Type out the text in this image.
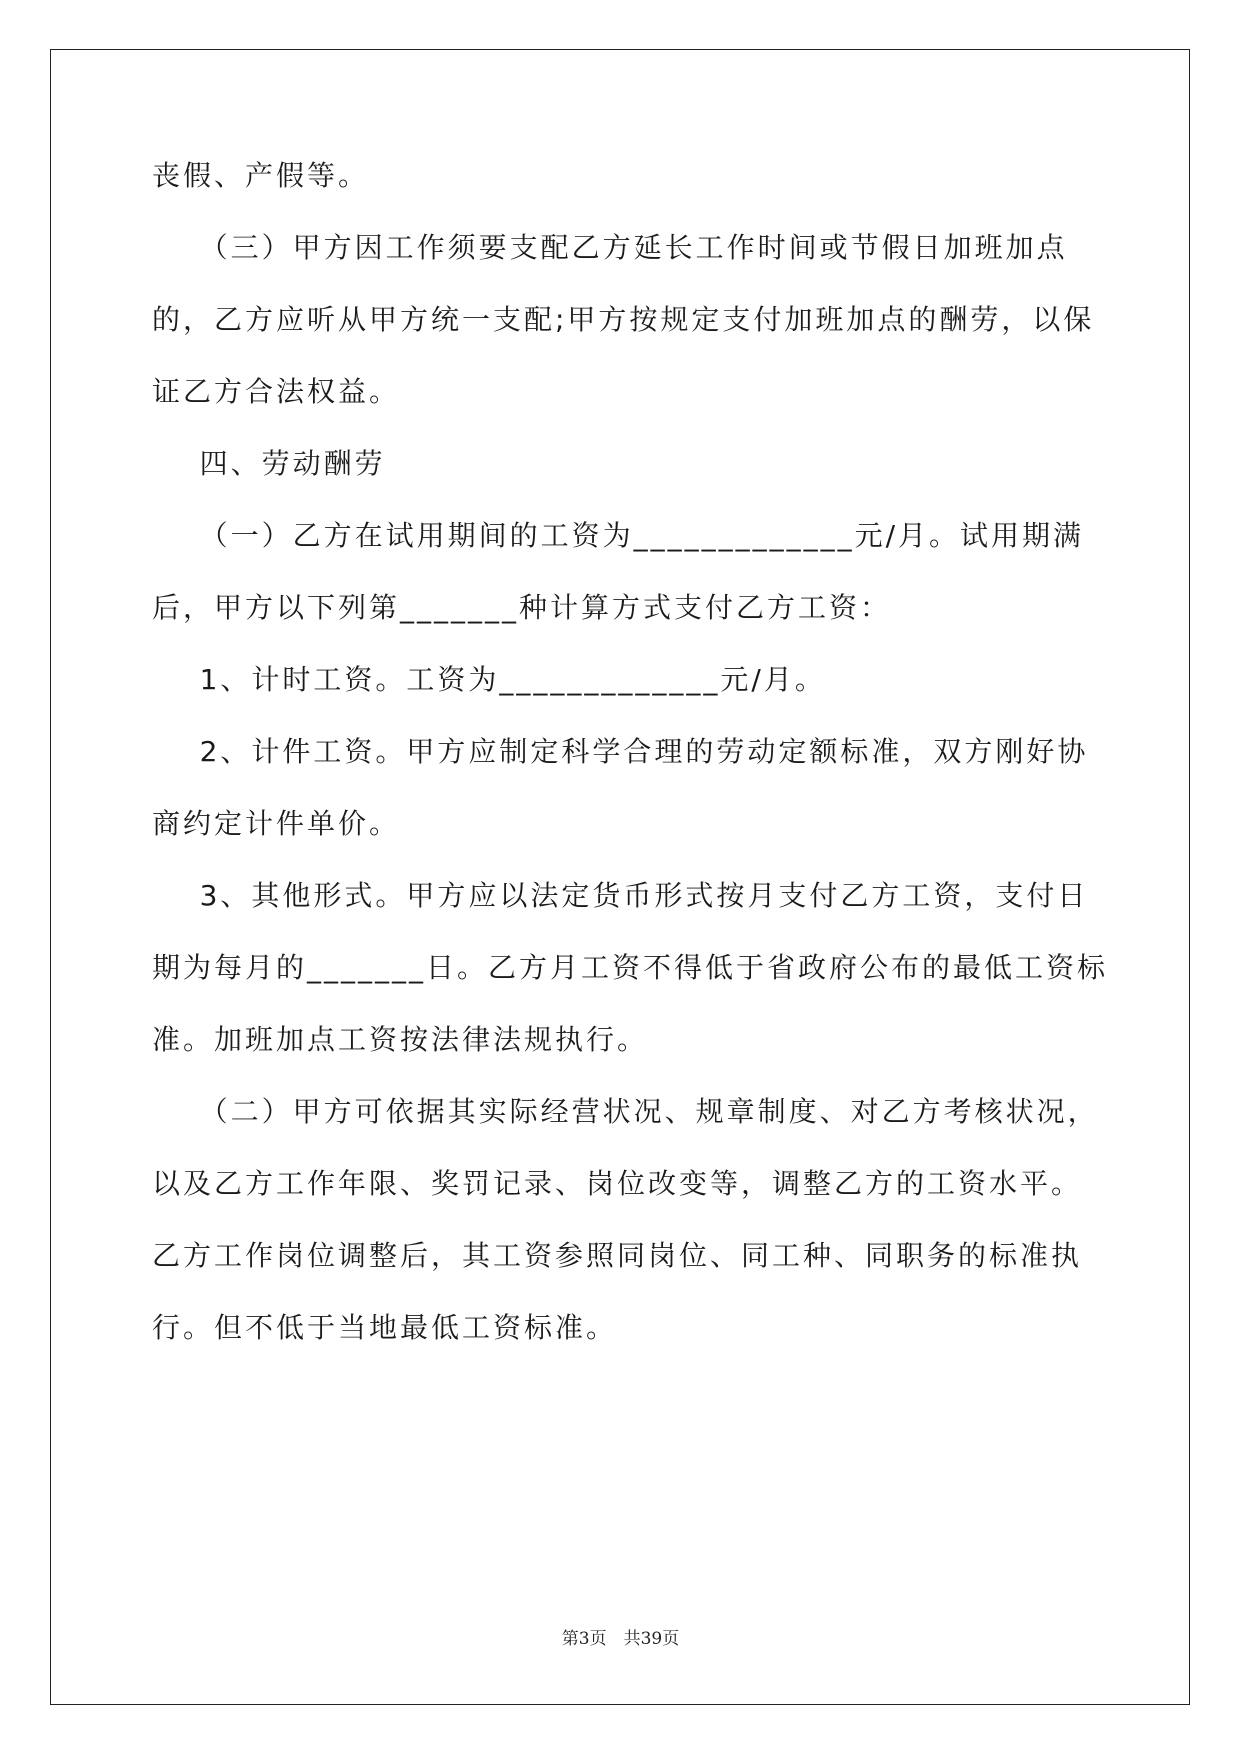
丧假、产假等。
（三）甲方因工作须要支配乙方延长工作时间或节假日加班加点
的，乙方应听从甲方统一支配;甲方按规定支付加班加点的酬劳，以保
证乙方合法权益。
四、劳动酬劳
（一）乙方在试用期间的工资为_____________元/月。试用期满
后，甲方以下列第_______种计算方式支付乙方工资：
1、计时工资。工资为_____________元/月。
2、计件工资。甲方应制定科学合理的劳动定额标准，双方刚好协
商约定计件单价。
3、其他形式。甲方应以法定货币形式按月支付乙方工资，支付日
期为每月的_______日。乙方月工资不得低于省政府公布的最低工资标
准。加班加点工资按法律法规执行。
（二）甲方可依据其实际经营状况、规章制度、对乙方考核状况，
以及乙方工作年限、奖罚记录、岗位改变等，调整乙方的工资水平。
乙方工作岗位调整后，其工资参照同岗位、同工种、同职务的标准执
行。但不低于当地最低工资标准。
第3页　共39页
